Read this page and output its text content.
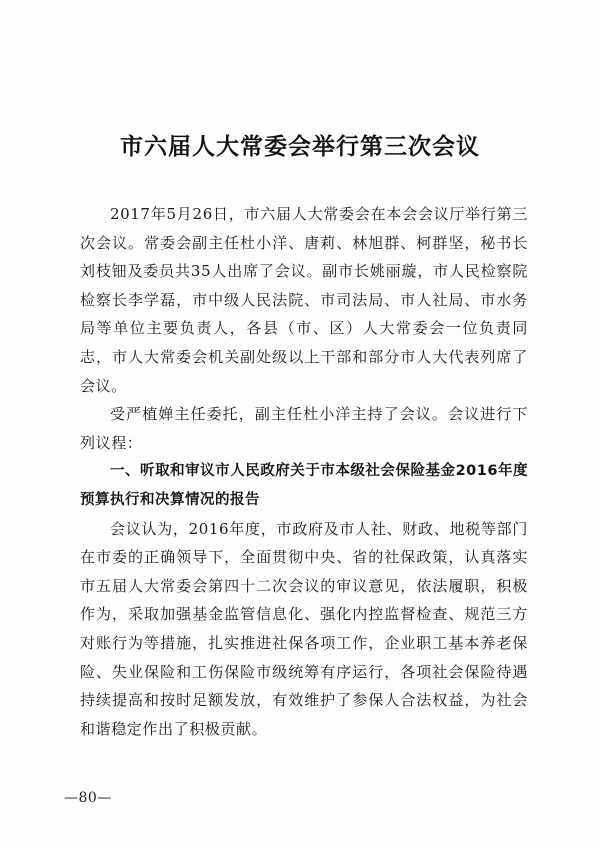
市六届人大常委会举行第三次会议

2017年5月26日，市六届人大常委会在本会会议厅举行第三次会议。常委会副主任杜小洋、唐莉、林旭群、柯群坚，秘书长刘枝钿及委员共35人出席了会议。副市长姚丽璇，市人民检察院检察长李学磊，市中级人民法院、市司法局、市人社局、市水务局等单位主要负责人，各县（市、区）人大常委会一位负责同志，市人大常委会机关副处级以上干部和部分市人大代表列席了会议。

受严植婵主任委托，副主任杜小洋主持了会议。会议进行下列议程：

一、听取和审议市人民政府关于市本级社会保险基金2016年度预算执行和决算情况的报告

会议认为，2016年度，市政府及市人社、财政、地税等部门在市委的正确领导下，全面贯彻中央、省的社保政策，认真落实市五届人大常委会第四十二次会议的审议意见，依法履职，积极作为，采取加强基金监管信息化、强化内控监督检查、规范三方对账行为等措施，扎实推进社保各项工作，企业职工基本养老保险、失业保险和工伤保险市级统筹有序运行，各项社会保险待遇持续提高和按时足额发放，有效维护了参保人合法权益，为社会和谐稳定作出了积极贡献。

—80—
